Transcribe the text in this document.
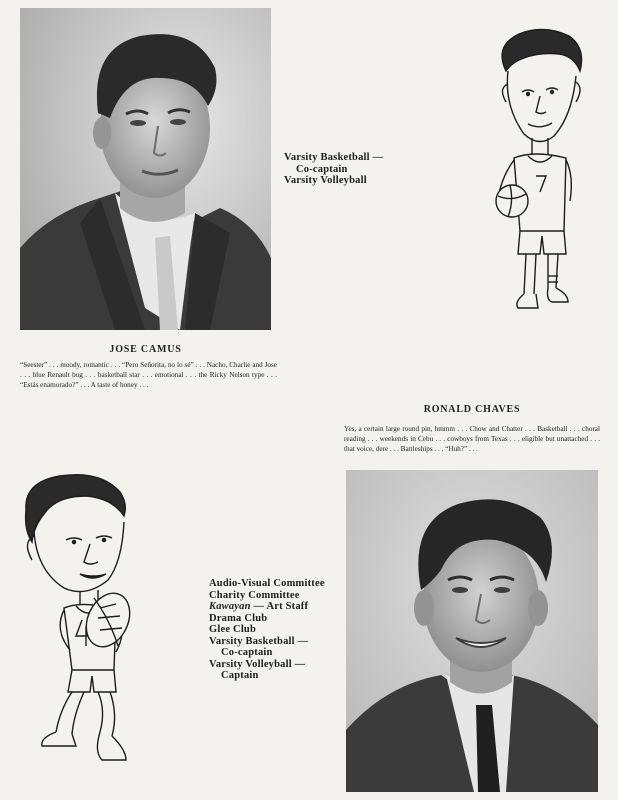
Varsity Basketball —
Co-captain
Varsity Volleyball
JOSE CAMUS
“Seester” . . . moody, romantic . . . “Pero Señorita, no lo sé” . . . Nacho, Charlie and Jose . . . blue Renault bug . . . basketball star . . . emotional . . . the Ricky Nelson type . . . “Estás enamorado?” . . . A taste of honey . . .
RONALD CHAVES
Yes, a certain large round pin, hmmm . . . Chow and Chatter . . . Basketball . . . choral reading . . . weekends in Cebu . . . cowboys from Texas . . . eligible but unattached . . . that voice, dere . . . Battleships . . . “Huh?” . . .
Audio-Visual Committee
Charity Committee
Kawayan — Art Staff
Drama Club
Glee Club
Varsity Basketball —
Co-captain
Varsity Volleyball —
Captain
